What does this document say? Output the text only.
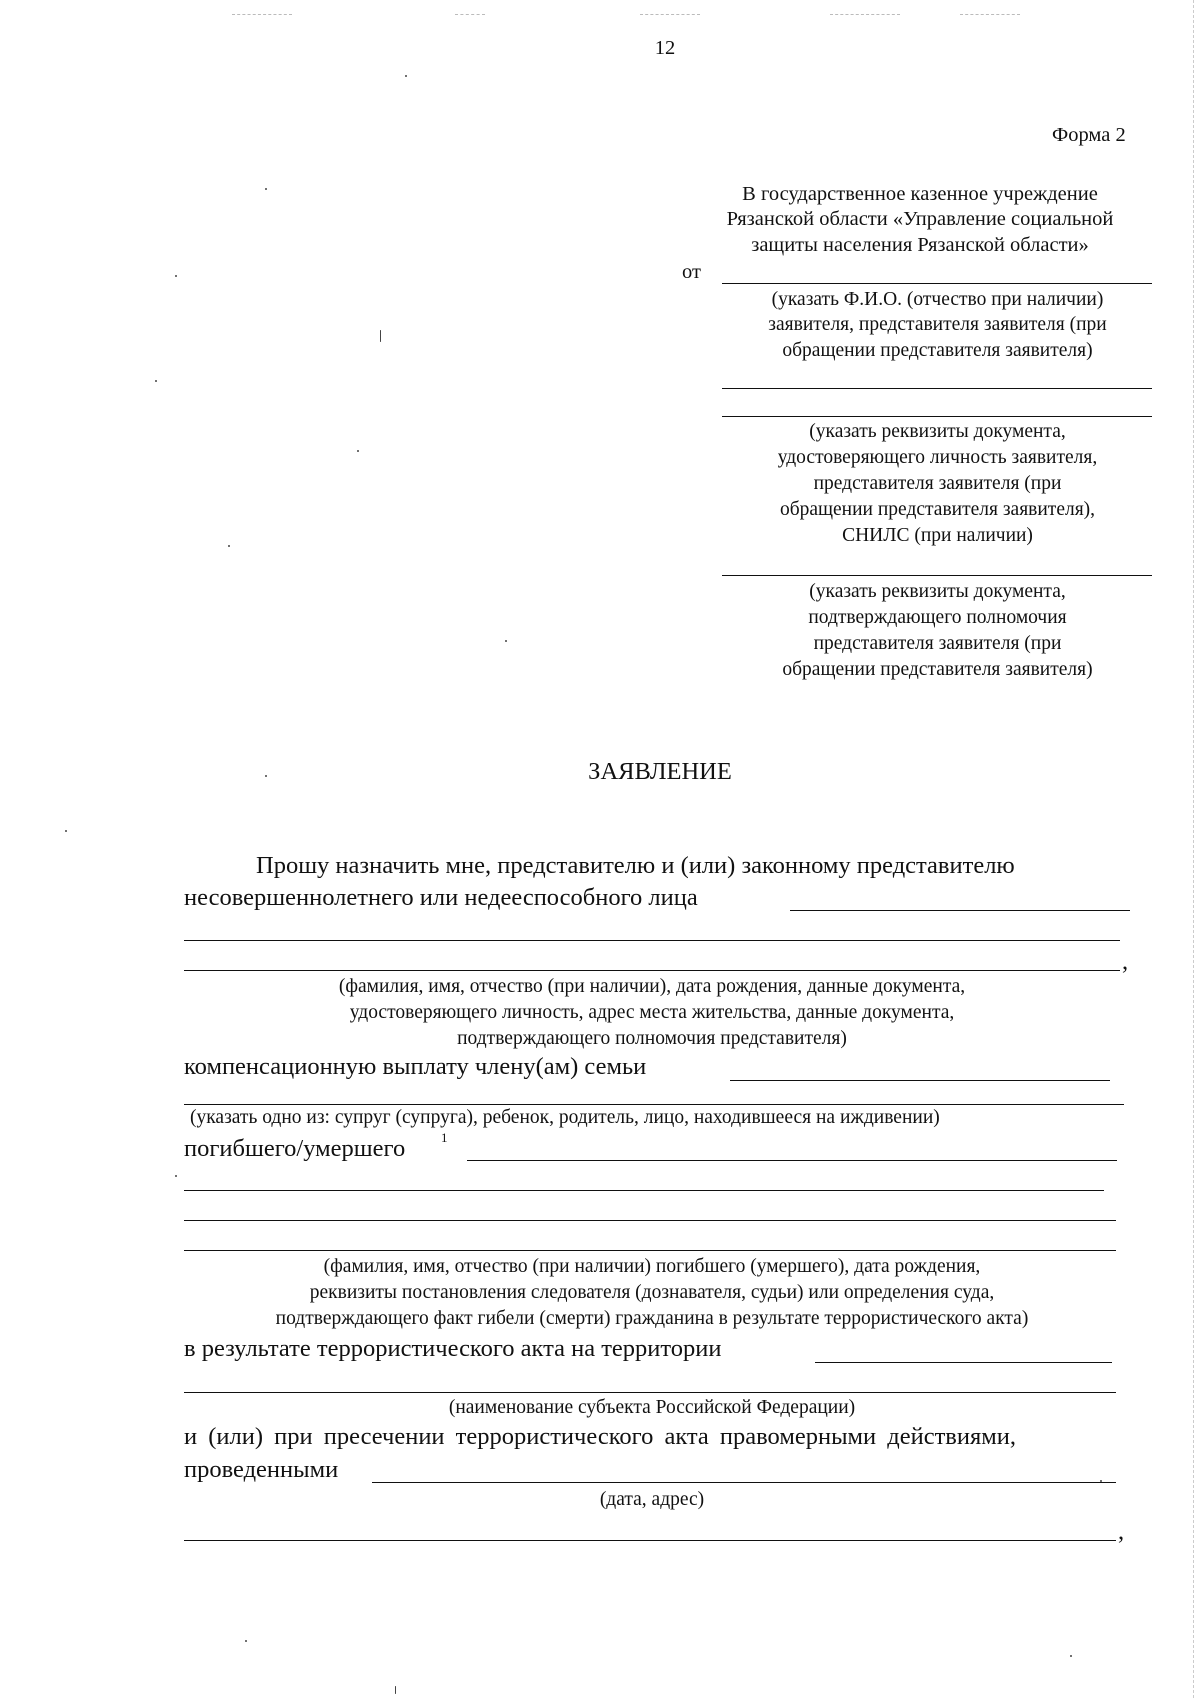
12
Форма 2
В государственное казенное учреждение
Рязанской области «Управление социальной
защиты населения Рязанской области»
от
(указать Ф.И.О. (отчество при наличии)
заявителя, представителя заявителя (при
обращении представителя заявителя)
(указать реквизиты документа,
удостоверяющего личность заявителя,
представителя заявителя (при
обращении представителя заявителя),
СНИЛС (при наличии)
(указать реквизиты документа,
подтверждающего полномочия
представителя заявителя (при
обращении представителя заявителя)
ЗАЯВЛЕНИЕ
Прошу назначить мне, представителю и (или) законному представителю
несовершеннолетнего или недееспособного лица
,
(фамилия, имя, отчество (при наличии), дата рождения, данные документа,
удостоверяющего личность, адрес места жительства, данные документа,
подтверждающего полномочия представителя)
компенсационную выплату члену(ам) семьи
(указать одно из: супруг (супруга), ребенок, родитель, лицо, находившееся на иждивении)
погибшего/умершего	1
(фамилия, имя, отчество (при наличии) погибшего (умершего), дата рождения,
реквизиты постановления следователя (дознавателя, судьи) или определения суда,
подтверждающего факт гибели (смерти) гражданина в результате террористического акта)
в результате террористического акта на территории
(наименование субъекта Российской Федерации)
и (или) при пресечении террористического акта правомерными действиями,
проведенными
(дата, адрес)
,
